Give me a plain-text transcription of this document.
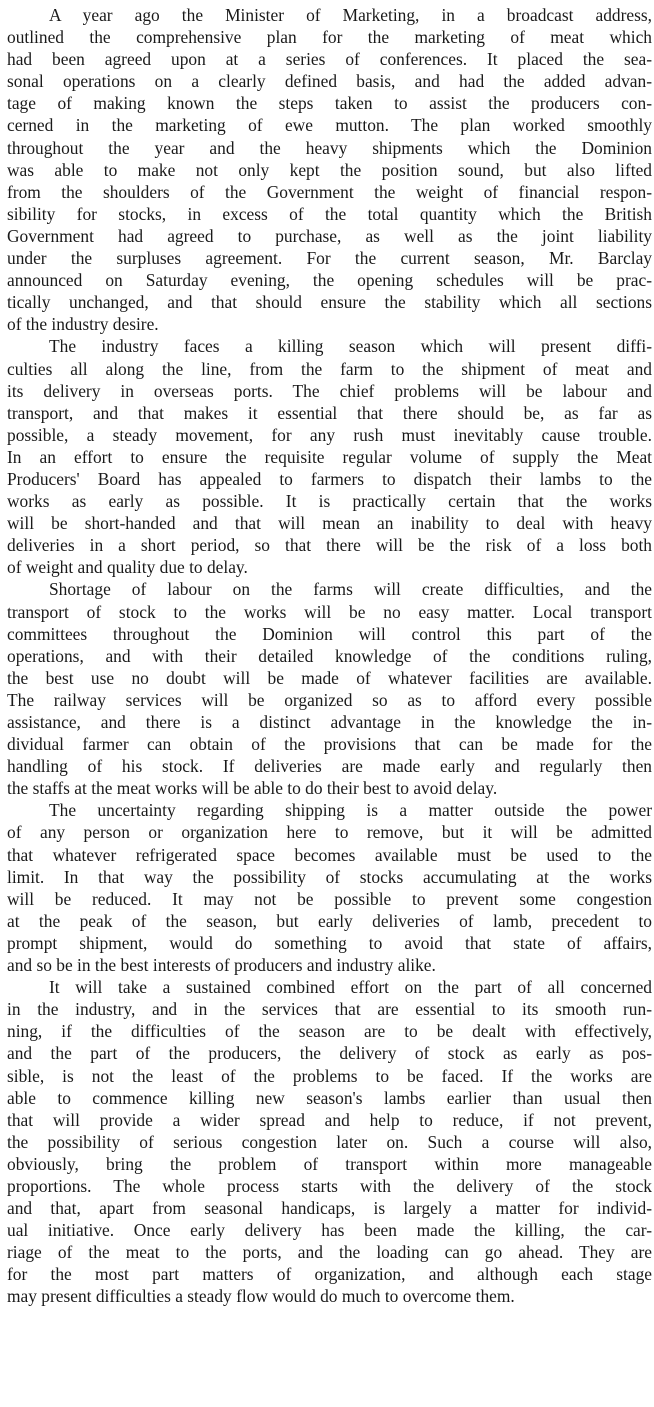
A year ago the Minister of Marketing, in a broadcast address,
outlined the comprehensive plan for the marketing of meat which
had been agreed upon at a series of conferences. It placed the sea-
sonal operations on a clearly defined basis, and had the added advan-
tage of making known the steps taken to assist the producers con-
cerned in the marketing of ewe mutton. The plan worked smoothly
throughout the year and the heavy shipments which the Dominion
was able to make not only kept the position sound, but also lifted
from the shoulders of the Government the weight of financial respon-
sibility for stocks, in excess of the total quantity which the British
Government had agreed to purchase, as well as the joint liability
under the surpluses agreement. For the current season, Mr. Barclay
announced on Saturday evening, the opening schedules will be prac-
tically unchanged, and that should ensure the stability which all sections
of the industry desire.
The industry faces a killing season which will present diffi-
culties all along the line, from the farm to the shipment of meat and
its delivery in overseas ports. The chief problems will be labour and
transport, and that makes it essential that there should be, as far as
possible, a steady movement, for any rush must inevitably cause trouble.
In an effort to ensure the requisite regular volume of supply the Meat
Producers' Board has appealed to farmers to dispatch their lambs to the
works as early as possible. It is practically certain that the works
will be short-handed and that will mean an inability to deal with heavy
deliveries in a short period, so that there will be the risk of a loss both
of weight and quality due to delay.
Shortage of labour on the farms will create difficulties, and the
transport of stock to the works will be no easy matter. Local transport
committees throughout the Dominion will control this part of the
operations, and with their detailed knowledge of the conditions ruling,
the best use no doubt will be made of whatever facilities are available.
The railway services will be organized so as to afford every possible
assistance, and there is a distinct advantage in the knowledge the in-
dividual farmer can obtain of the provisions that can be made for the
handling of his stock. If deliveries are made early and regularly then
the staffs at the meat works will be able to do their best to avoid delay.
The uncertainty regarding shipping is a matter outside the power
of any person or organization here to remove, but it will be admitted
that whatever refrigerated space becomes available must be used to the
limit. In that way the possibility of stocks accumulating at the works
will be reduced. It may not be possible to prevent some congestion
at the peak of the season, but early deliveries of lamb, precedent to
prompt shipment, would do something to avoid that state of affairs,
and so be in the best interests of producers and industry alike.
It will take a sustained combined effort on the part of all concerned
in the industry, and in the services that are essential to its smooth run-
ning, if the difficulties of the season are to be dealt with effectively,
and the part of the producers, the delivery of stock as early as pos-
sible, is not the least of the problems to be faced. If the works are
able to commence killing new season's lambs earlier than usual then
that will provide a wider spread and help to reduce, if not prevent,
the possibility of serious congestion later on. Such a course will also,
obviously, bring the problem of transport within more manageable
proportions. The whole process starts with the delivery of the stock
and that, apart from seasonal handicaps, is largely a matter for individ-
ual initiative. Once early delivery has been made the killing, the car-
riage of the meat to the ports, and the loading can go ahead. They are
for the most part matters of organization, and although each stage
may present difficulties a steady flow would do much to overcome them.
